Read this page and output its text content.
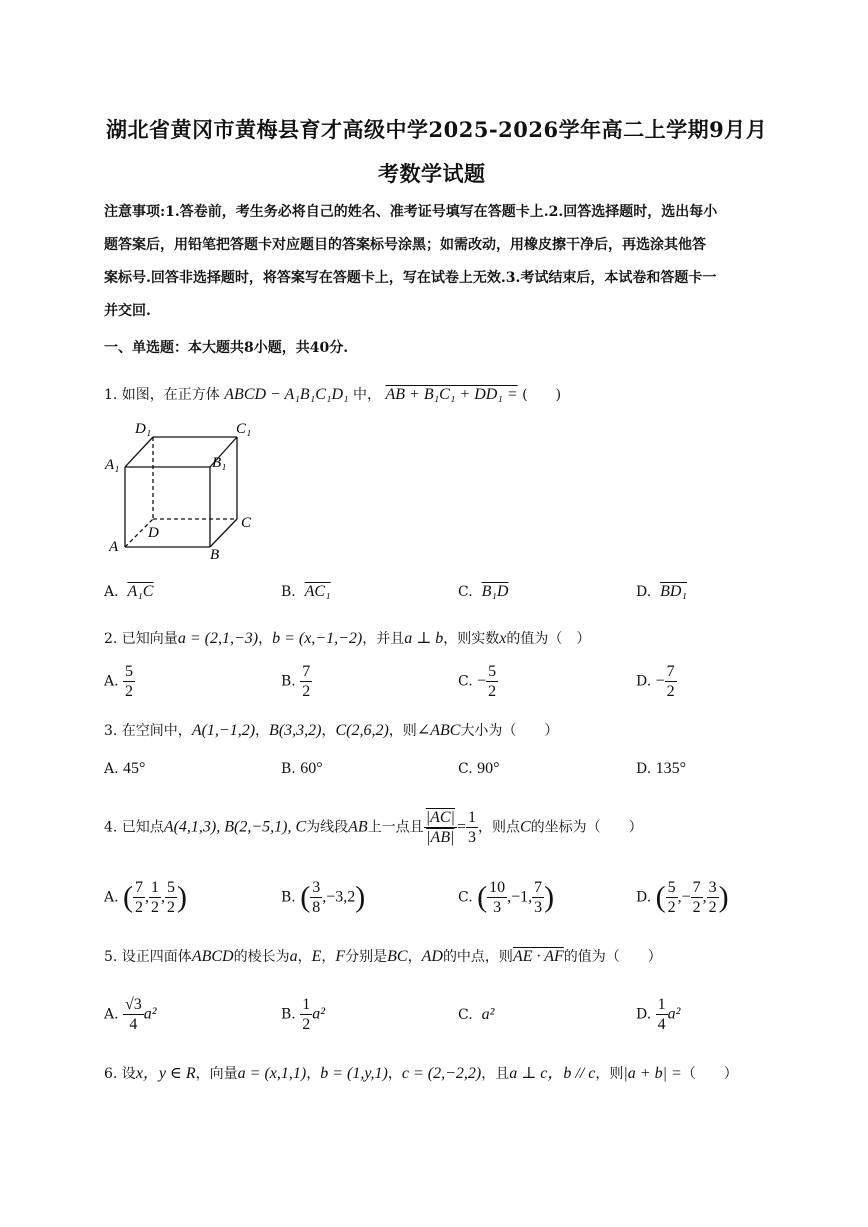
湖北省黄冈市黄梅县育才高级中学2025-2026学年高二上学期9月月
考数学试题
注意事项:1.答卷前，考生务必将自己的姓名、准考证号填写在答题卡上.2.回答选择题时，选出每小
题答案后，用铅笔把答题卡对应题目的答案标号涂黑；如需改动，用橡皮擦干净后，再选涂其他答
案标号.回答非选择题时，将答案写在答题卡上，写在试卷上无效.3.考试结束后，本试卷和答题卡一
并交回.
一、单选题：本大题共8小题，共40分.
1. 如图，在正方体 ABCD − A₁B₁C₁D₁ 中， AB + B₁C₁ + DD₁ = (　　)
D₁	C₁
A₁	B₁
C
D
A	B
A. A₁C	B. AC₁	C. B₁D	D. BD₁
2. 已知向量a = (2,1,−3)，b = (x,−1,−2)，并且a ⊥ b，则实数x的值为（　）
A. $\frac{5}{2}$	B. $\frac{7}{2}$	C. − $\frac{5}{2}$	D. − $\frac{7}{2}$
3. 在空间中，A(1,−1,2)，B(3,3,2)，C(2,6,2)，则∠ABC大小为（　　）
A. 45°	B. 60°	C. 90°	D. 135°
4. 已知点A(4,1,3), B(2,−5,1), C为线段AB上一点且 $\frac{|AC|}{|AB|} = \frac{1}{3}$ ，则点C的坐标为（　　）
A. ( $\frac{7}{2}$ , $\frac{1}{2}$ , $\frac{5}{2}$ )	B. ( $\frac{3}{8} ,-3,2$)	C. ( $\frac{10}{3} ,-1$, $\frac{7}{3}$ )	D. ( $\frac{5}{2}$ ,− $\frac{7}{2}$ , $\frac{3}{2}$ )
5. 设正四面体ABCD的棱长为a，E，F分别是BC，AD的中点，则AE · AF的值为（　　）
A. $\frac{√3}{4} a^2$	B. $\frac{1}{2} a^2$	C. a²	D. $\frac{1}{4} a^2$
6. 设x，y ∈ R，向量a = (x,1,1)，b = (1,y,1)，c = (2,−2,2)，且a ⊥ c，b // c，则|a + b| =（　　）
